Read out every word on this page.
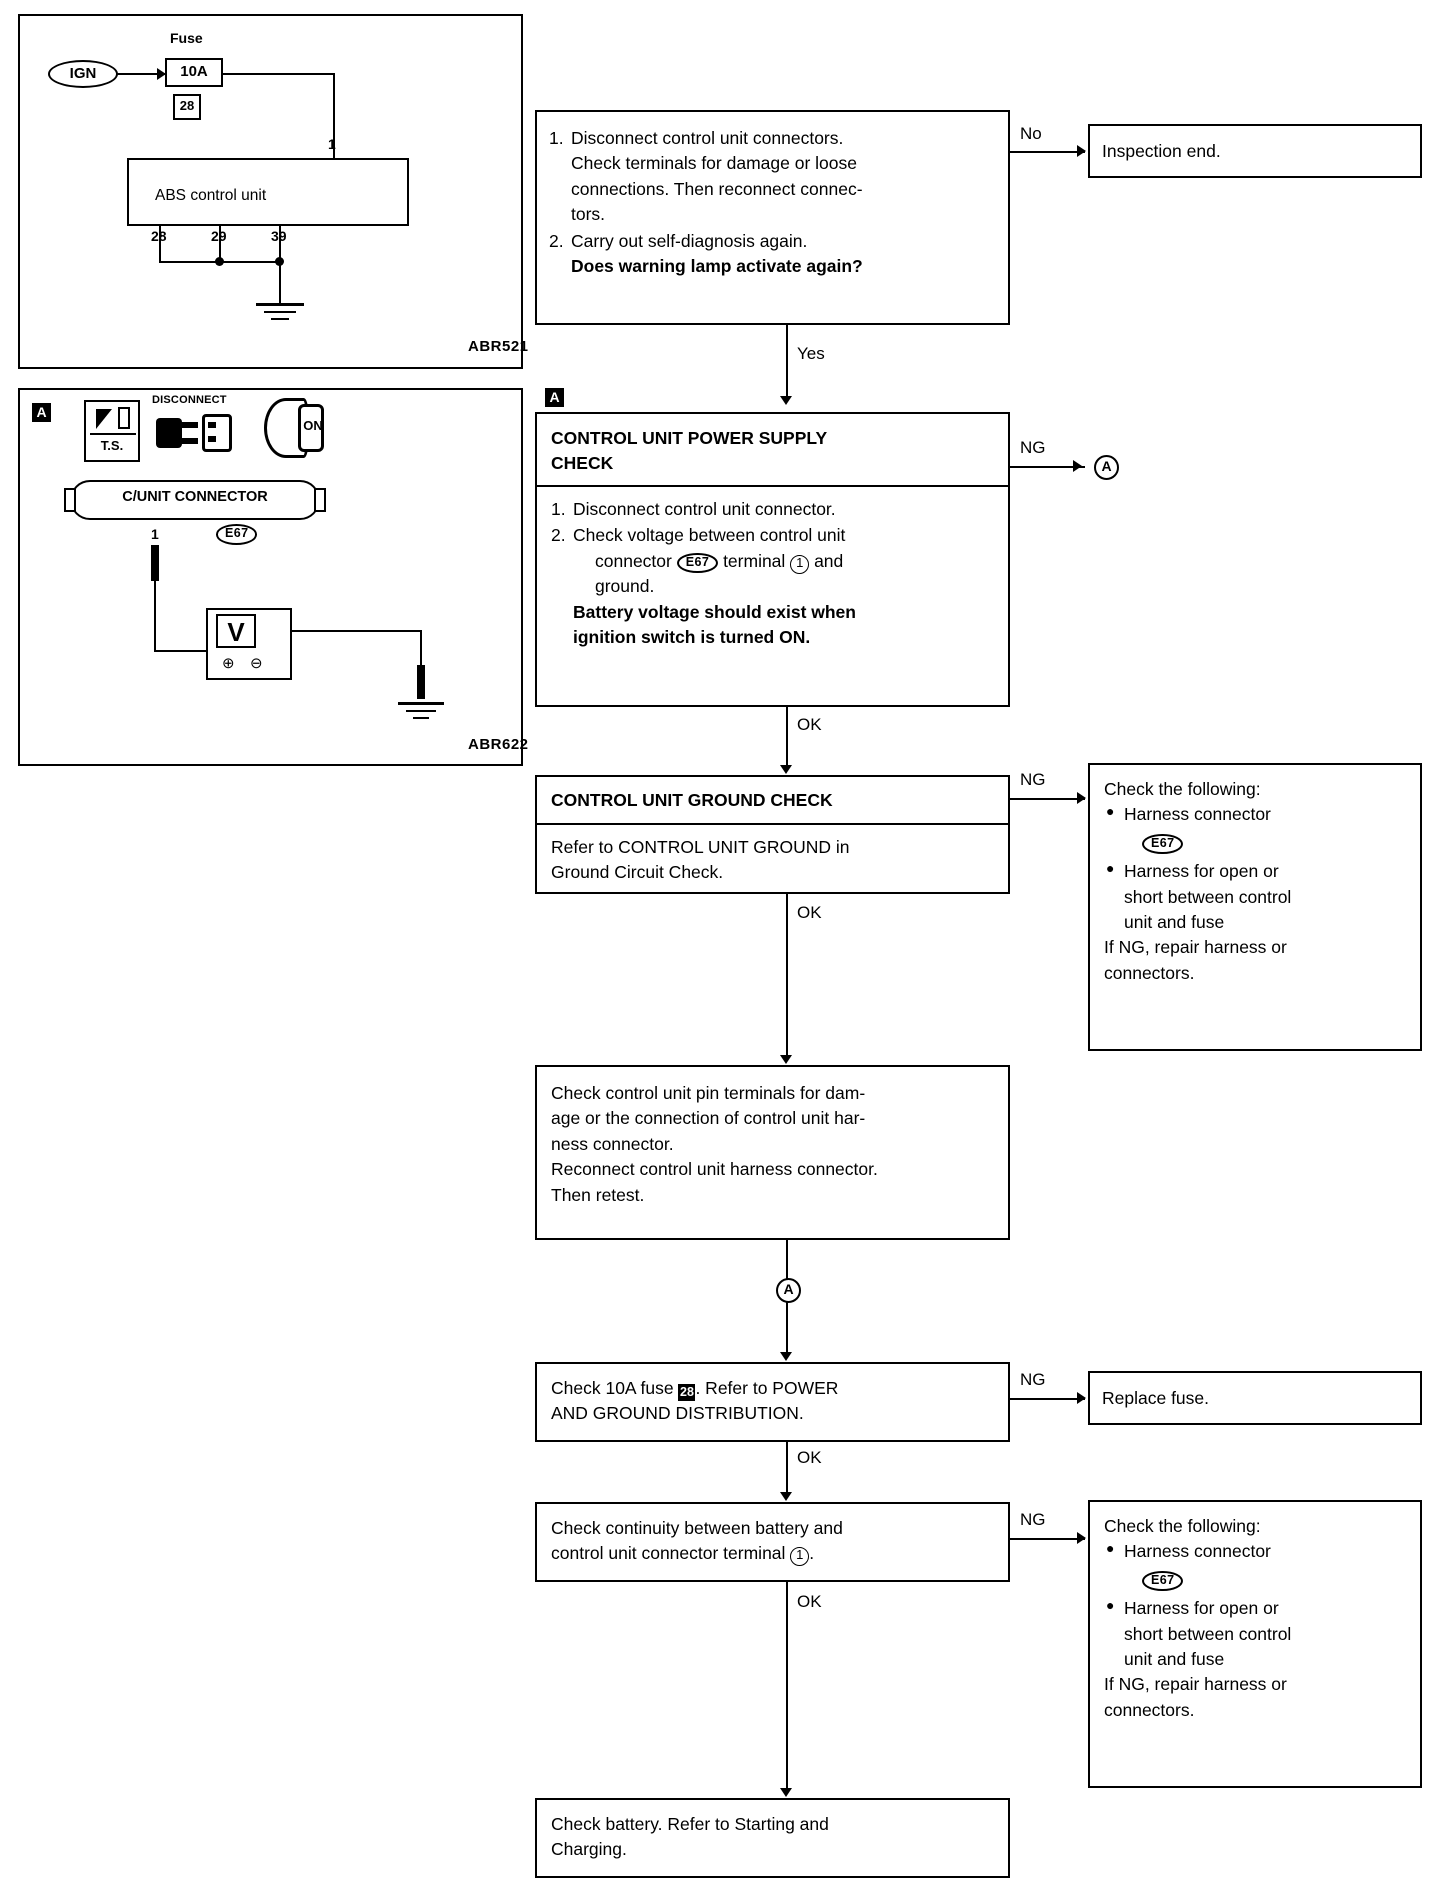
IGN
Fuse
10A
28
1
ABS control unit
28	29	39
ABR521
A
T.S.
DISCONNECT
ON
C/UNIT CONNECTOR
1	E67
V
⊕ ⊖
ABR622
1. Disconnect control unit connectors.
Check terminals for damage or loose
connections. Then reconnect connec-
tors.
2. Carry out self-diagnosis again.
Does warning lamp activate again?
No
Inspection end.
Yes
A
CONTROL UNIT POWER SUPPLY
CHECK
1. Disconnect control unit connector.
2. Check voltage between control unit
connector E67 terminal 1 and
ground.
Battery voltage should exist when
ignition switch is turned ON.
NG
A
OK
CONTROL UNIT GROUND CHECK
Refer to CONTROL UNIT GROUND in
Ground Circuit Check.
NG	Check the following:
● Harness connector
E67
● Harness for open or
short between control
unit and fuse
If NG, repair harness or
connectors.
OK
Check control unit pin terminals for dam-
age or the connection of control unit har-
ness connector.
Reconnect control unit harness connector.
Then retest.
A
Check 10A fuse 28. Refer to POWER
AND GROUND DISTRIBUTION.
NG
Replace fuse.
OK
Check continuity between battery and
control unit connector terminal 1 .
NG	Check the following:
● Harness connector
E67
● Harness for open or
short between control
unit and fuse
If NG, repair harness or
connectors.
OK
Check battery. Refer to Starting and
Charging.
